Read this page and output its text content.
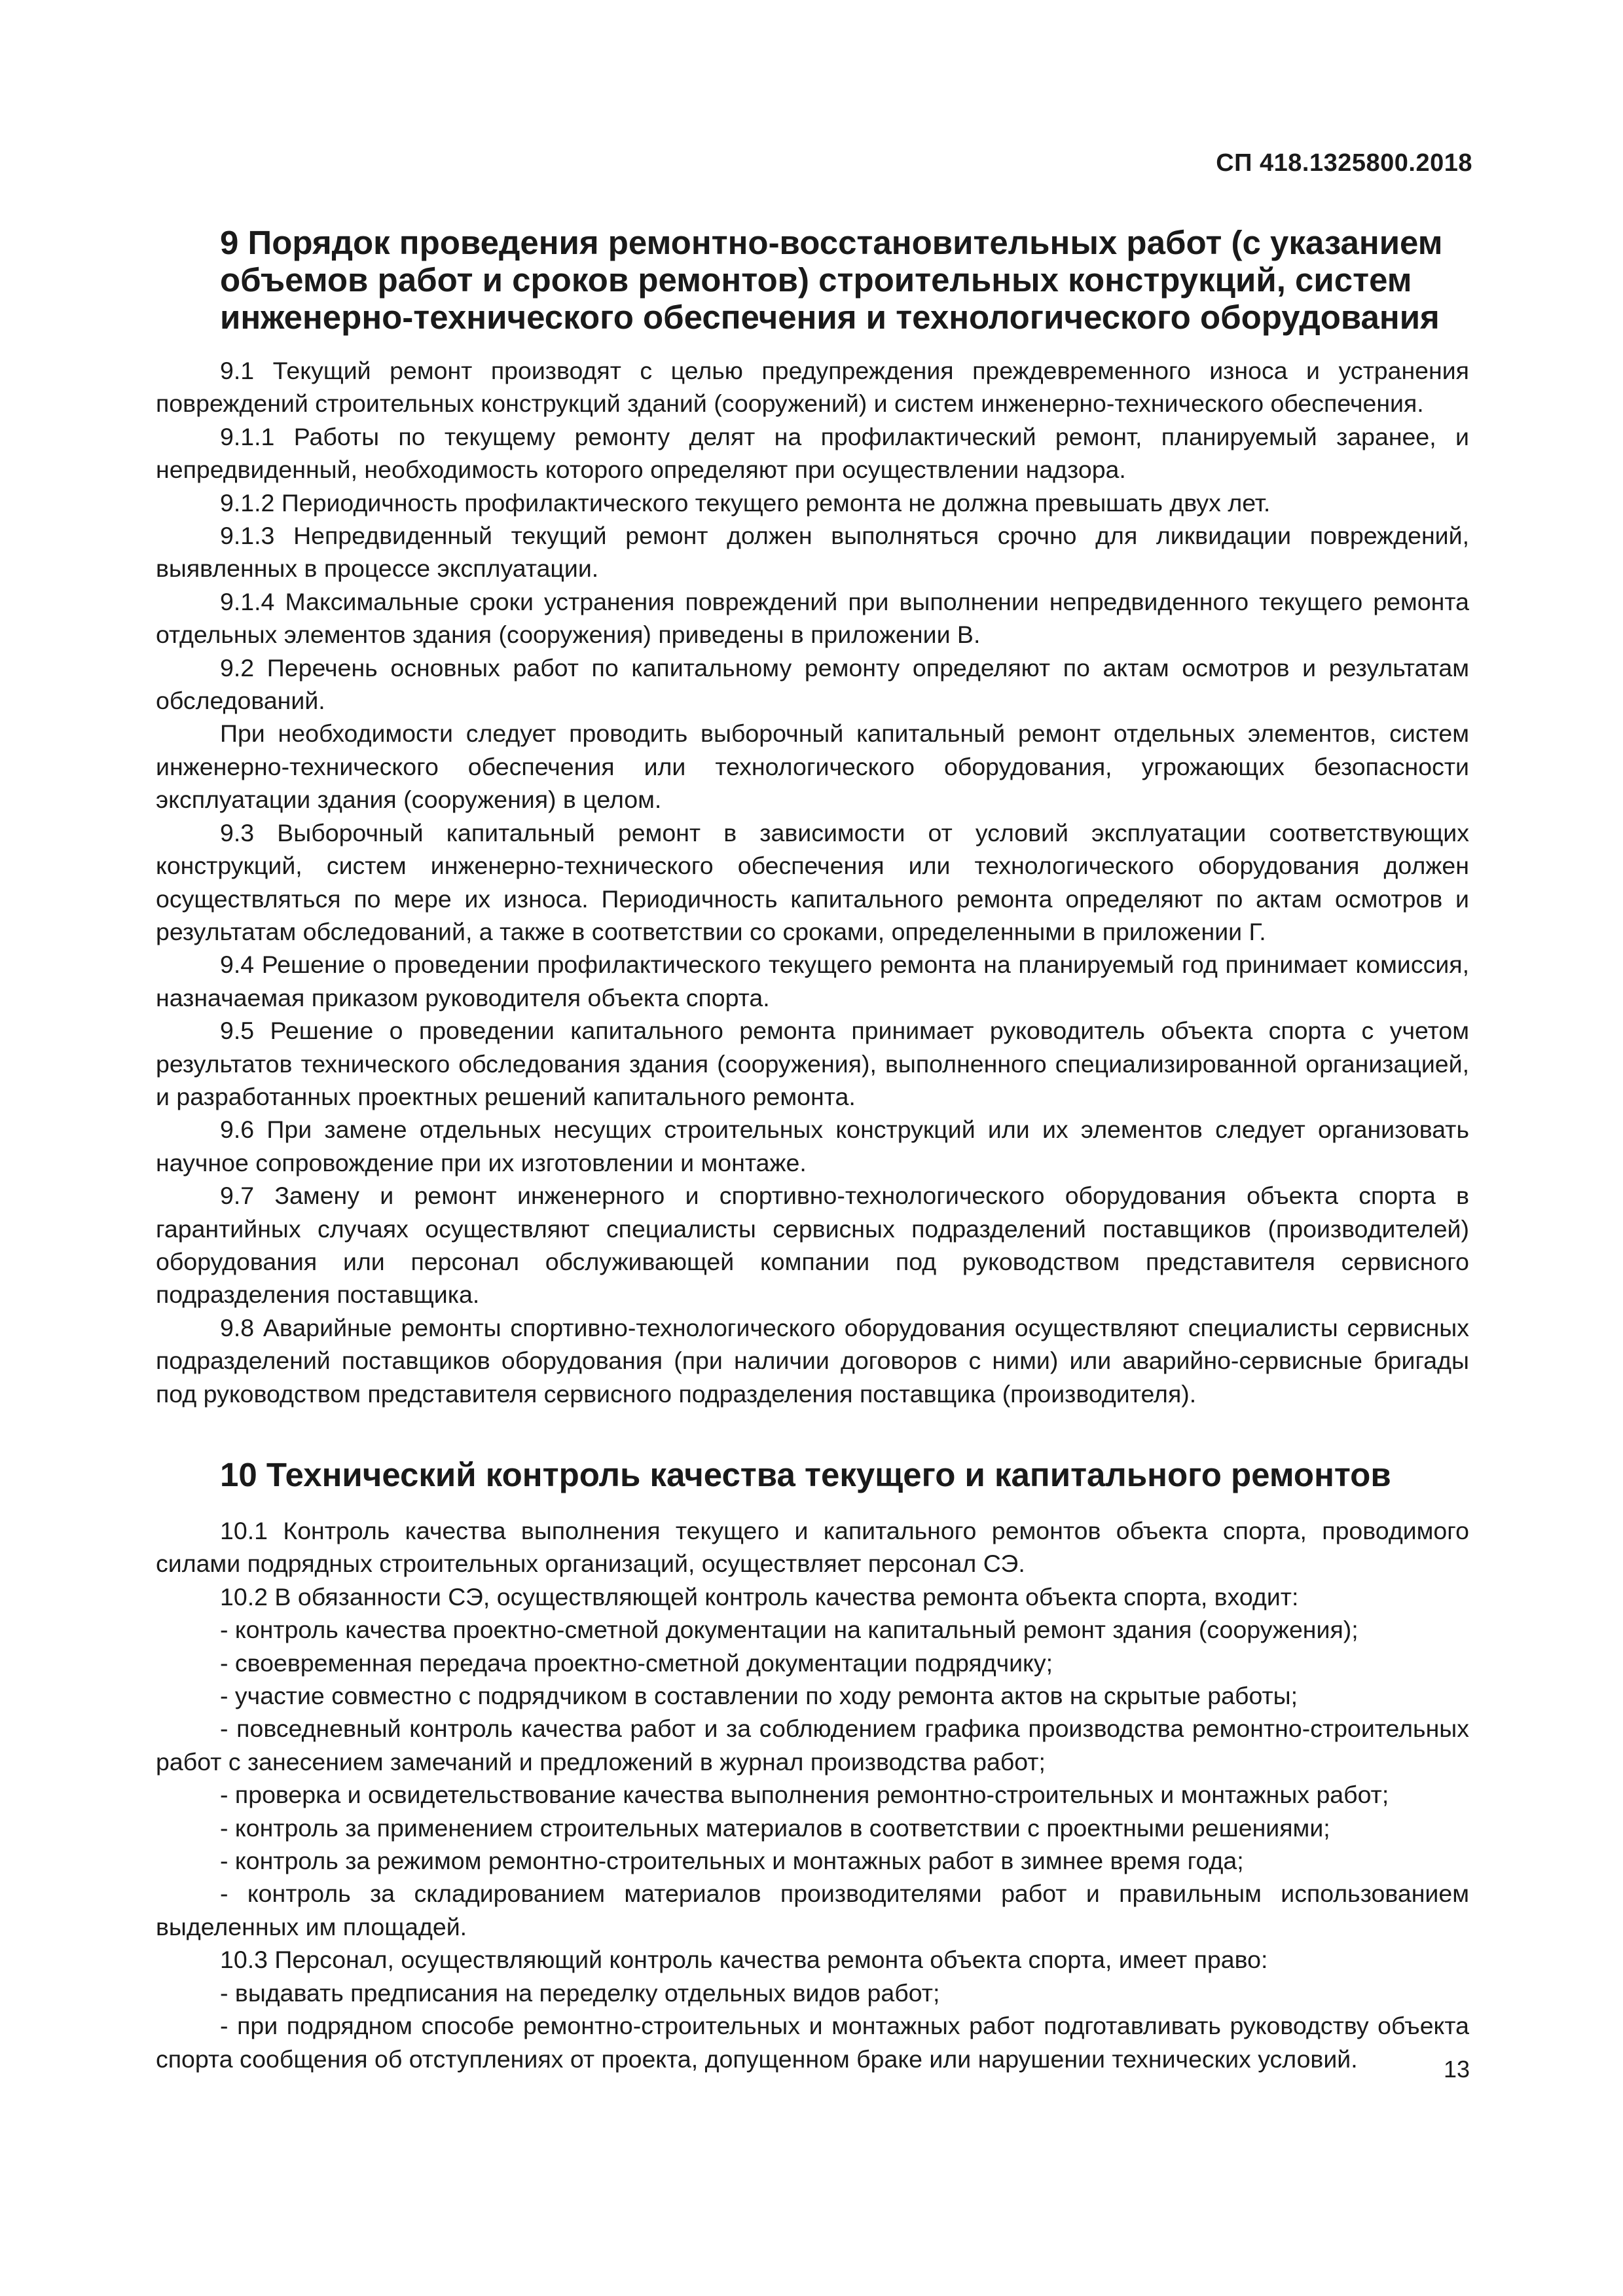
СП 418.1325800.2018
9 Порядок проведения ремонтно-восстановительных работ (с указанием объемов работ и сроков ремонтов) строительных конструкций, систем инженерно-технического обеспечения и технологического оборудования

9.1 Текущий ремонт производят с целью предупреждения преждевременного износа и устранения повреждений строительных конструкций зданий (сооружений) и систем инженерно-технического обеспечения.

9.1.1 Работы по текущему ремонту делят на профилактический ремонт, планируемый заранее, и непредвиденный, необходимость которого определяют при осуществлении надзора.

9.1.2 Периодичность профилактического текущего ремонта не должна превышать двух лет.

9.1.3 Непредвиденный текущий ремонт должен выполняться срочно для ликвидации повреждений, выявленных в процессе эксплуатации.

9.1.4 Максимальные сроки устранения повреждений при выполнении непредвиденного текущего ремонта отдельных элементов здания (сооружения) приведены в приложении В.

9.2 Перечень основных работ по капитальному ремонту определяют по актам осмотров и результатам обследований.

При необходимости следует проводить выборочный капитальный ремонт отдельных элементов, систем инженерно-технического обеспечения или технологического оборудования, угрожающих безопасности эксплуатации здания (сооружения) в целом.

9.3 Выборочный капитальный ремонт в зависимости от условий эксплуатации соответствующих конструкций, систем инженерно-технического обеспечения или технологического оборудования должен осуществляться по мере их износа. Периодичность капитального ремонта определяют по актам осмотров и результатам обследований, а также в соответствии со сроками, определенными в приложении Г.

9.4 Решение о проведении профилактического текущего ремонта на планируемый год принимает комиссия, назначаемая приказом руководителя объекта спорта.

9.5 Решение о проведении капитального ремонта принимает руководитель объекта спорта с учетом результатов технического обследования здания (сооружения), выполненного специализированной организацией, и разработанных проектных решений капитального ремонта.

9.6 При замене отдельных несущих строительных конструкций или их элементов следует организовать научное сопровождение при их изготовлении и монтаже.

9.7 Замену и ремонт инженерного и спортивно-технологического оборудования объекта спорта в гарантийных случаях осуществляют специалисты сервисных подразделений поставщиков (производителей) оборудования или персонал обслуживающей компании под руководством представителя сервисного подразделения поставщика.

9.8 Аварийные ремонты спортивно-технологического оборудования осуществляют специалисты сервисных подразделений поставщиков оборудования (при наличии договоров с ними) или аварийно-сервисные бригады под руководством представителя сервисного подразделения поставщика (производителя).

10 Технический контроль качества текущего и капитального ремонтов

10.1 Контроль качества выполнения текущего и капитального ремонтов объекта спорта, проводимого силами подрядных строительных организаций, осуществляет персонал СЭ.

10.2 В обязанности СЭ, осуществляющей контроль качества ремонта объекта спорта, входит:

- контроль качества проектно-сметной документации на капитальный ремонт здания (сооружения);

- своевременная передача проектно-сметной документации подрядчику;

- участие совместно с подрядчиком в составлении по ходу ремонта актов на скрытые работы;

- повседневный контроль качества работ и за соблюдением графика производства ремонтно-строительных работ с занесением замечаний и предложений в журнал производства работ;

- проверка и освидетельствование качества выполнения ремонтно-строительных и монтажных работ;

- контроль за применением строительных материалов в соответствии с проектными решениями;

- контроль за режимом ремонтно-строительных и монтажных работ в зимнее время года;

- контроль за складированием материалов производителями работ и правильным использованием выделенных им площадей.

10.3 Персонал, осуществляющий контроль качества ремонта объекта спорта, имеет право:

- выдавать предписания на переделку отдельных видов работ;

- при подрядном способе ремонтно-строительных и монтажных работ подготавливать руководству объекта спорта сообщения об отступлениях от проекта, допущенном браке или нарушении технических условий.	13
